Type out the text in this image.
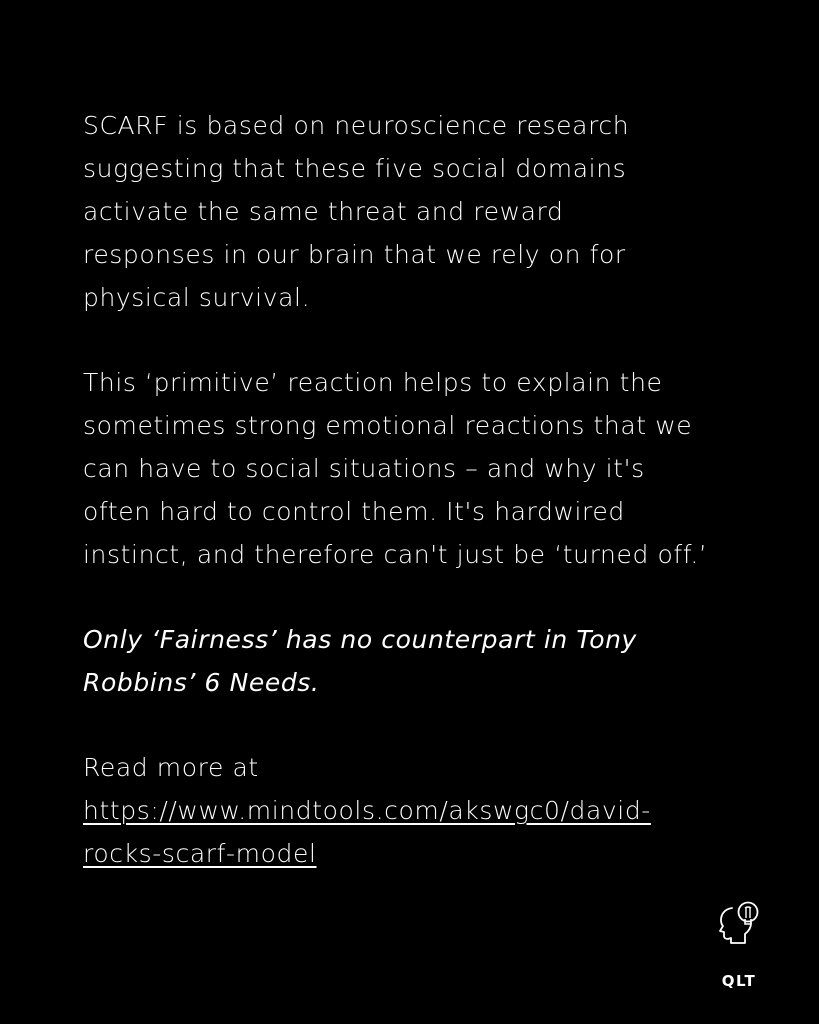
SCARF is based on neuroscience research
suggesting that these five social domains
activate the same threat and reward
responses in our brain that we rely on for
physical survival.

This ‘primitive’ reaction helps to explain the
sometimes strong emotional reactions that we
can have to social situations – and why it's
often hard to control them. It's hardwired
instinct, and therefore can't just be ‘turned off.’

Only ‘Fairness’ has no counterpart in Tony
Robbins’ 6 Needs.

Read more at
https://www.mindtools.com/akswgc0/david-
rocks-scarf-model

QLT
